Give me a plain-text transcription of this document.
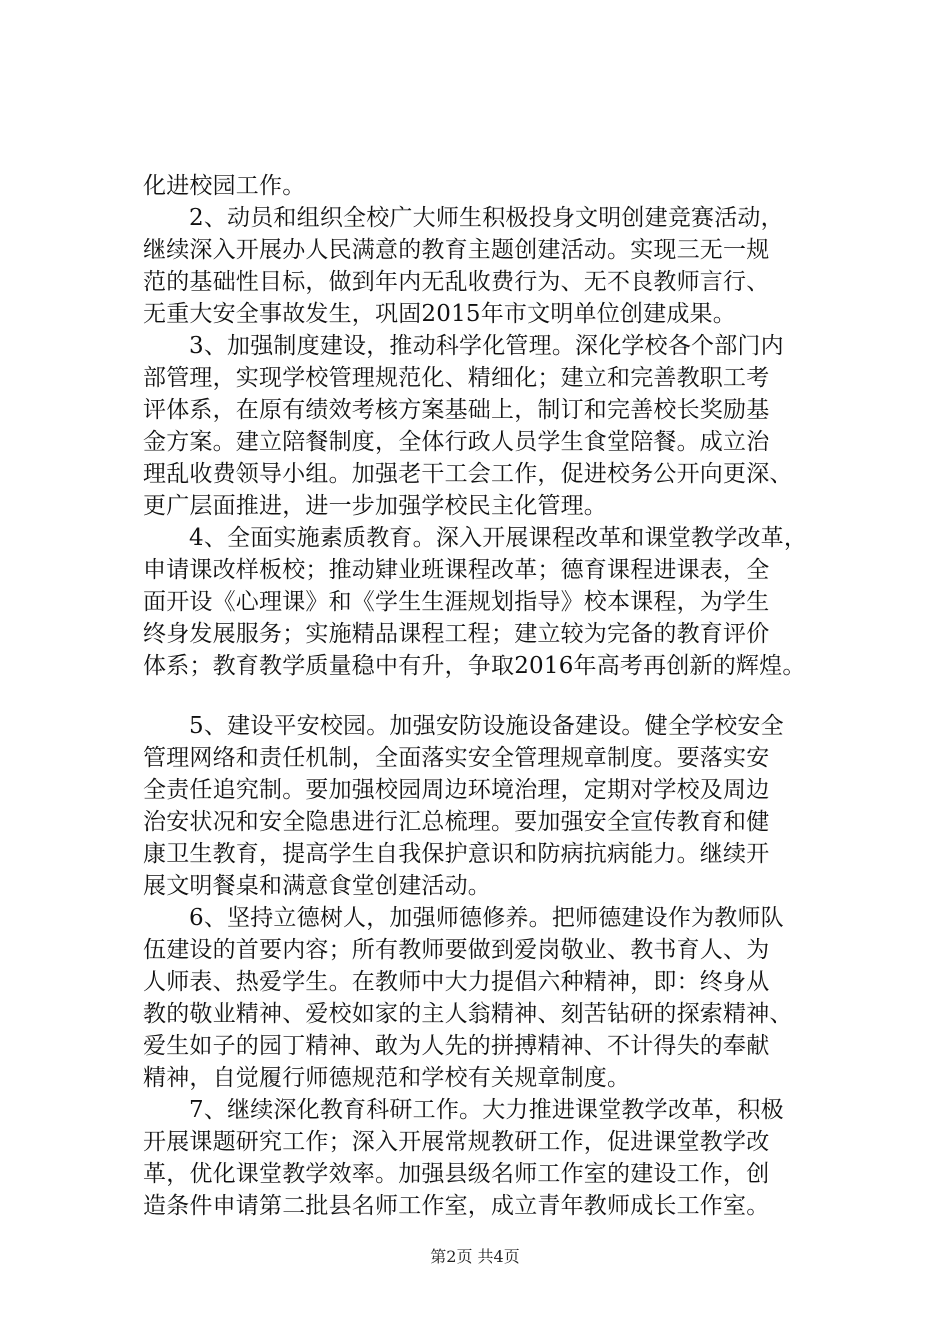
化进校园工作。
2、动员和组织全校广大师生积极投身文明创建竞赛活动，
继续深入开展办人民满意的教育主题创建活动。实现三无一规
范的基础性目标，做到年内无乱收费行为、无不良教师言行、
无重大安全事故发生，巩固2015年市文明单位创建成果。
3、加强制度建设，推动科学化管理。深化学校各个部门内
部管理，实现学校管理规范化、精细化；建立和完善教职工考
评体系，在原有绩效考核方案基础上，制订和完善校长奖励基
金方案。建立陪餐制度，全体行政人员学生食堂陪餐。成立治
理乱收费领导小组。加强老干工会工作，促进校务公开向更深、
更广层面推进，进一步加强学校民主化管理。
4、全面实施素质教育。深入开展课程改革和课堂教学改革，
申请课改样板校；推动肄业班课程改革；德育课程进课表，全
面开设《心理课》和《学生生涯规划指导》校本课程，为学生
终身发展服务；实施精品课程工程；建立较为完备的教育评价
体系；教育教学质量稳中有升，争取2016年高考再创新的辉煌。
5、建设平安校园。加强安防设施设备建设。健全学校安全
管理网络和责任机制，全面落实安全管理规章制度。要落实安
全责任追究制。要加强校园周边环境治理，定期对学校及周边
治安状况和安全隐患进行汇总梳理。要加强安全宣传教育和健
康卫生教育，提高学生自我保护意识和防病抗病能力。继续开
展文明餐桌和满意食堂创建活动。
6、坚持立德树人，加强师德修养。把师德建设作为教师队
伍建设的首要内容；所有教师要做到爱岗敬业、教书育人、为
人师表、热爱学生。在教师中大力提倡六种精神，即：终身从
教的敬业精神、爱校如家的主人翁精神、刻苦钻研的探索精神、
爱生如子的园丁精神、敢为人先的拼搏精神、不计得失的奉献
精神，自觉履行师德规范和学校有关规章制度。
7、继续深化教育科研工作。大力推进课堂教学改革，积极
开展课题研究工作；深入开展常规教研工作，促进课堂教学改
革，优化课堂教学效率。加强县级名师工作室的建设工作，创
造条件申请第二批县名师工作室，成立青年教师成长工作室。
第2页 共4页
